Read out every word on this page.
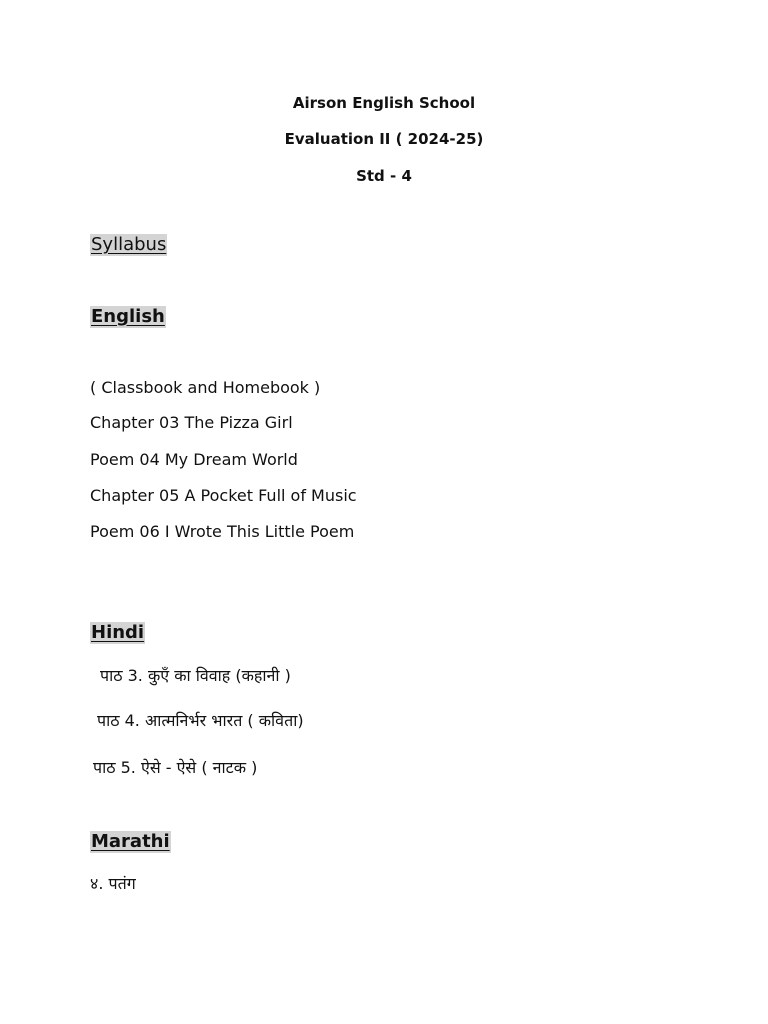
Airson English School
Evaluation II ( 2024-25)
Std - 4
Syllabus
English
( Classbook and Homebook )
Chapter 03 The Pizza Girl
Poem 04 My Dream World
Chapter 05 A Pocket Full of Music
Poem 06 I Wrote This Little Poem
Hindi
पाठ 3. कुएँ का विवाह (कहानी )
पाठ 4. आत्मनिर्भर भारत ( कविता)
पाठ 5. ऐसे - ऐसे ( नाटक )
Marathi
४. पतंग
